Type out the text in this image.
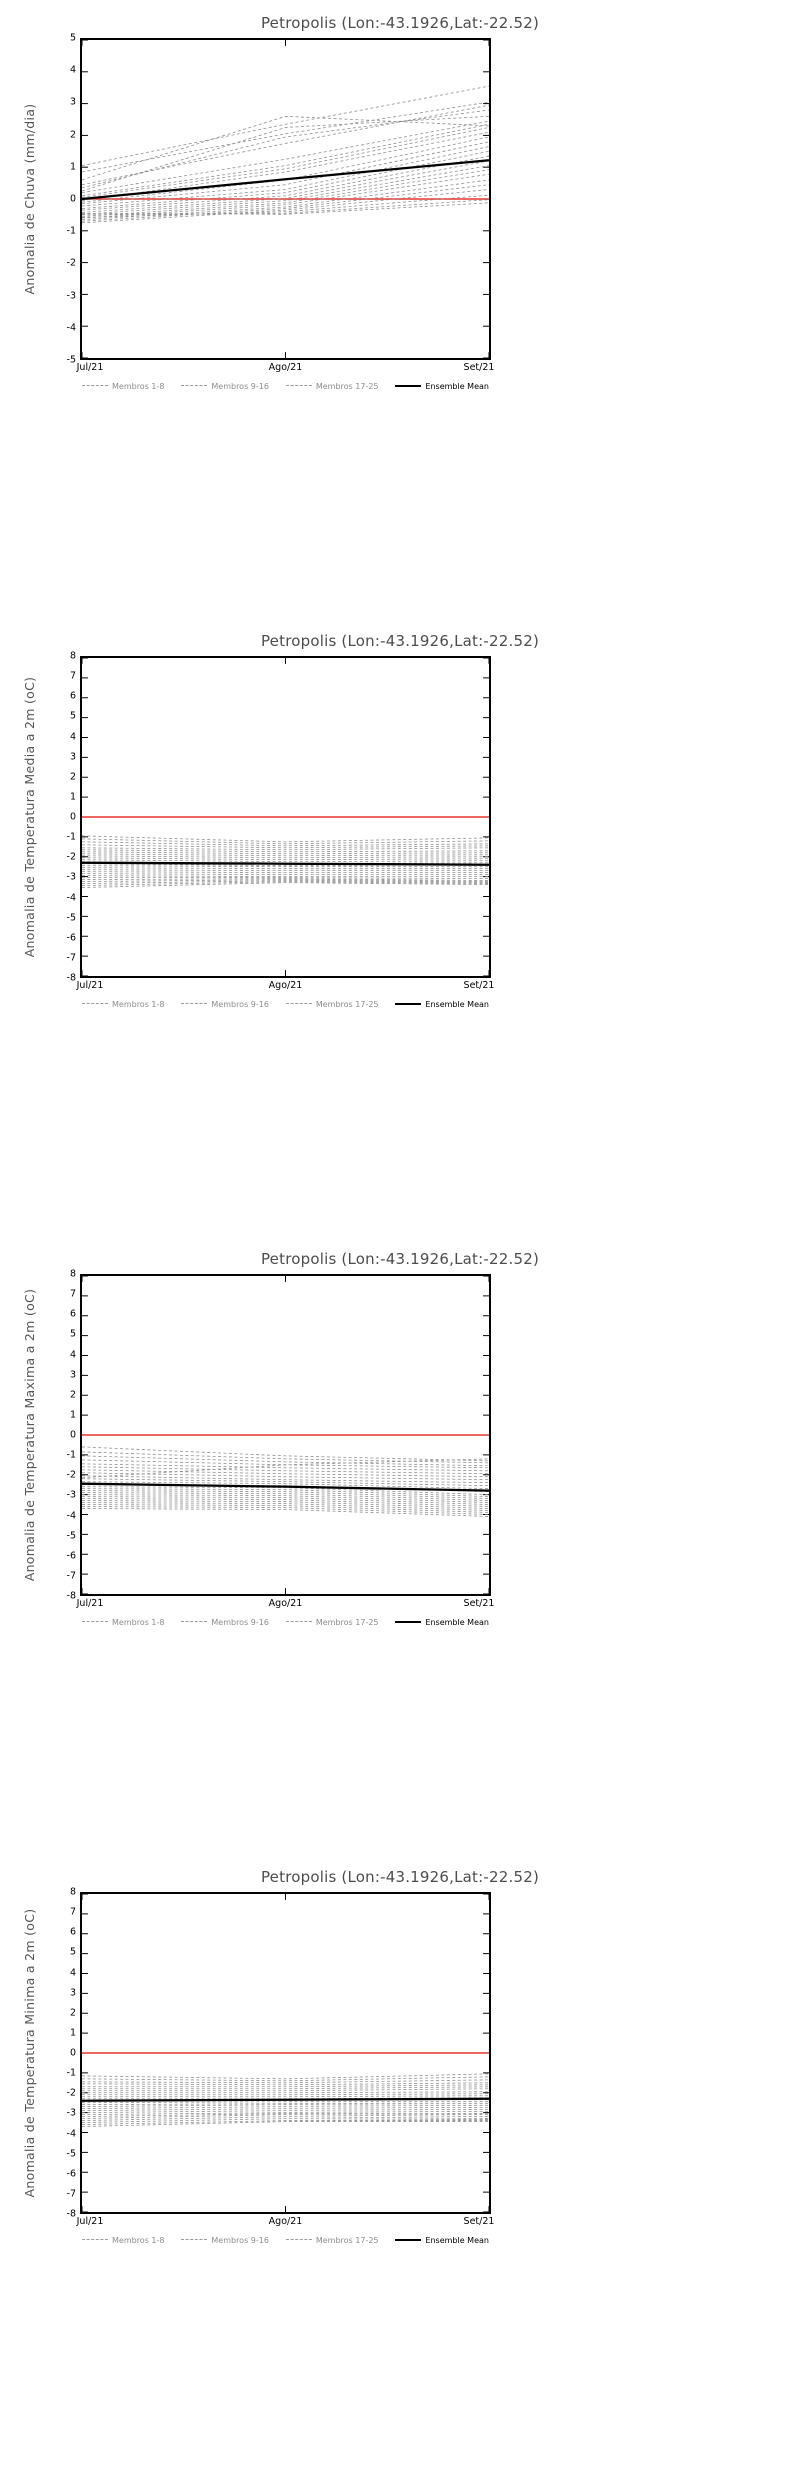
Petropolis (Lon:-43.1926,Lat:-22.52)
Anomalia de Chuva (mm/dia)
-5
-4
-3
-2
-1
0
1
2
3
4
5
Jul/21	Ago/21	Set/21
Membros 1-8	Membros 9-16	Membros 17-25	Ensemble Mean
Petropolis (Lon:-43.1926,Lat:-22.52)
Anomalia de Temperatura Media a 2m (oC)
-8
-7
-6
-5
-4
-3
-2
-1
0
1
2
3
4
5
6
7
8
Jul/21	Ago/21	Set/21
Membros 1-8	Membros 9-16	Membros 17-25	Ensemble Mean
Petropolis (Lon:-43.1926,Lat:-22.52)
Anomalia de Temperatura Maxima a 2m (oC)
-8
-7
-6
-5
-4
-3
-2
-1
0
1
2
3
4
5
6
7
8
Jul/21	Ago/21	Set/21
Membros 1-8	Membros 9-16	Membros 17-25	Ensemble Mean
Petropolis (Lon:-43.1926,Lat:-22.52)
Anomalia de Temperatura Minima a 2m (oC)
-8
-7
-6
-5
-4
-3
-2
-1
0
1
2
3
4
5
6
7
8
Jul/21	Ago/21	Set/21
Membros 1-8	Membros 9-16	Membros 17-25	Ensemble Mean
